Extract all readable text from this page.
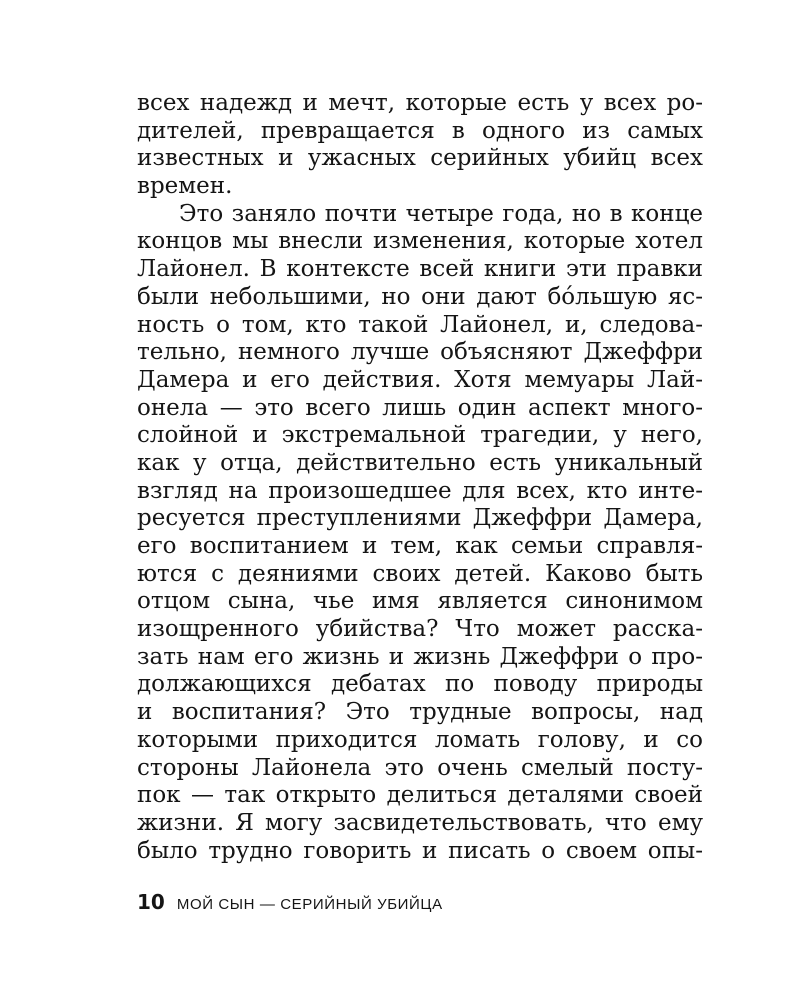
всех надежд и мечт, которые есть у всех ро-
дителей, превращается в одного из самых
известных и ужасных серийных убийц всех
времен.
Это заняло почти четыре года, но в конце
концов мы внесли изменения, которые хотел
Лайонел. В контексте всей книги эти правки
были небольшими, но они дают бóльшую яс-
ность о том, кто такой Лайонел, и, следова-
тельно, немного лучше объясняют Джеффри
Дамера и его действия. Хотя мемуары Лай-
онела — это всего лишь один аспект много-
слойной и экстремальной трагедии, у него,
как у отца, действительно есть уникальный
взгляд на произошедшее для всех, кто инте-
ресуется преступлениями Джеффри Дамера,
его воспитанием и тем, как семьи справля-
ются с деяниями своих детей. Каково быть
отцом сына, чье имя является синонимом
изощренного убийства? Что может расска-
зать нам его жизнь и жизнь Джеффри о про-
должающихся дебатах по поводу природы
и воспитания? Это трудные вопросы, над
которыми приходится ломать голову, и со
стороны Лайонела это очень смелый посту-
пок — так открыто делиться деталями своей
жизни. Я могу засвидетельствовать, что ему
было трудно говорить и писать о своем опы-
10 МОЙ СЫН — СЕРИЙНЫЙ УБИЙЦА
